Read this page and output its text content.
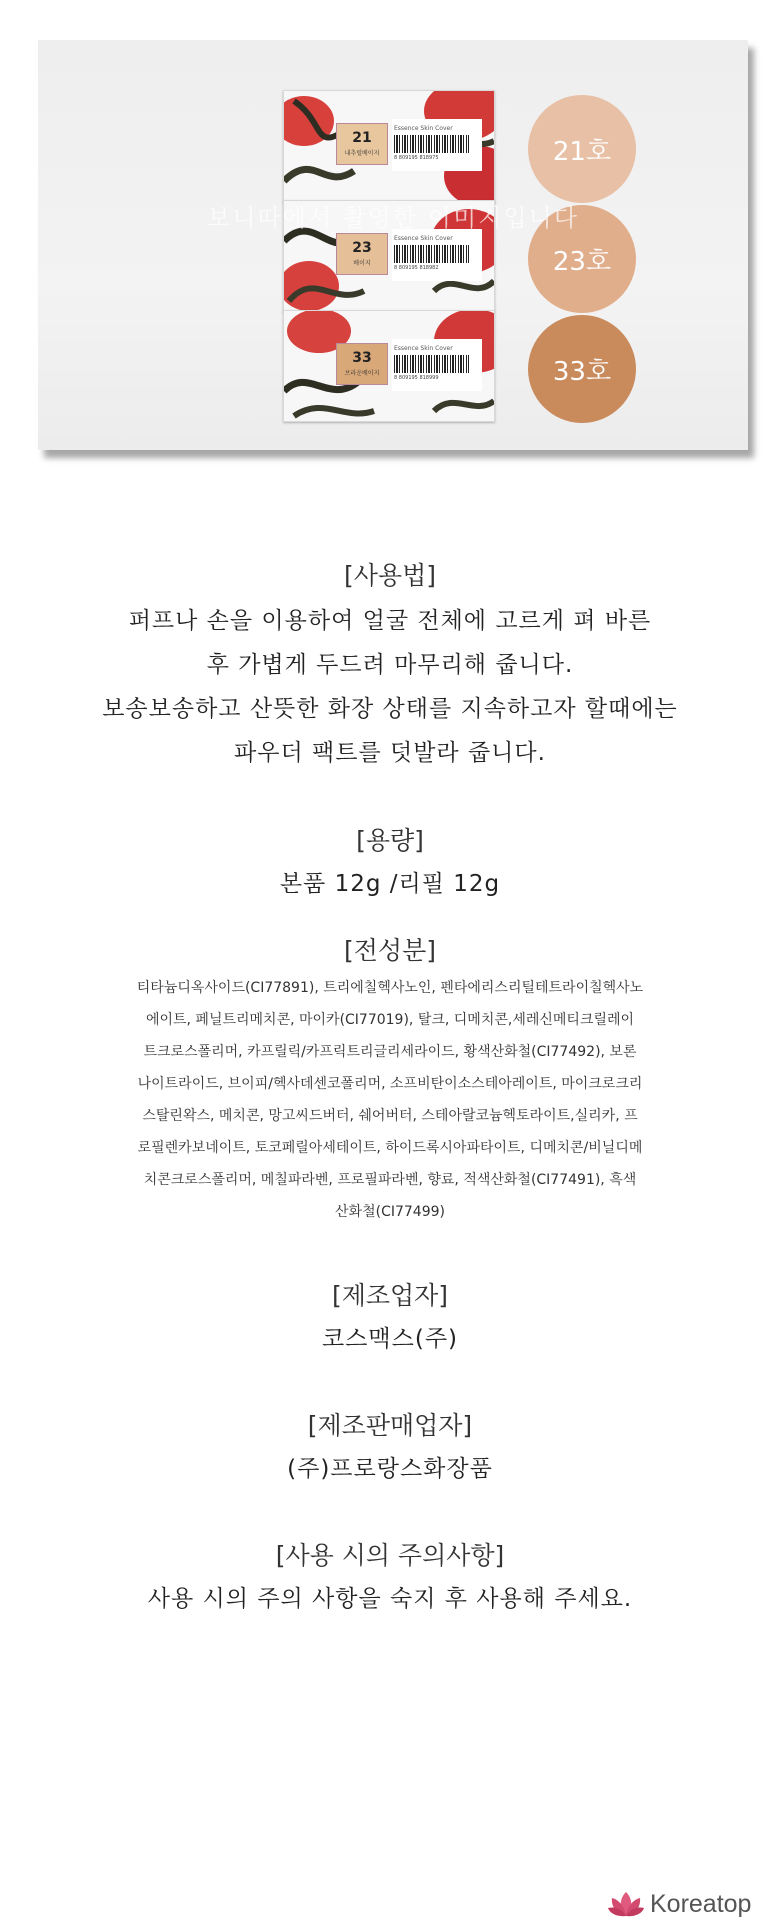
21
내추럴베이지
Essence Skin Cover
8 809195 818975
23
베이지
Essence Skin Cover
8 809195 818982
33
브라운베이지
Essence Skin Cover
8 809195 818999
21호
23호
33호
보니따에서 촬영한 이미지입니다

[사용법]

퍼프나 손을 이용하여 얼굴 전체에 고르게 펴 바른

후 가볍게 두드려 마무리해 줍니다.

보송보송하고 산뜻한 화장 상태를 지속하고자 할때에는

파우더 팩트를 덧발라 줍니다.

[용량]

본품 12g /리필 12g

[전성분]

티타늄디옥사이드(CI77891), 트리에칠헥사노인, 펜타에리스리틸테트라이칠헥사노

에이트, 페닐트리메치콘, 마이카(CI77019), 탈크, 디메치콘,세레신메티크릴레이

트크로스폴리머, 카프릴릭/카프릭트리글리세라이드, 황색산화철(CI77492), 보론

나이트라이드, 브이피/헥사데센코폴리머, 소프비탄이소스테아레이트, 마이크로크리

스탈린왁스, 메치콘, 망고씨드버터, 쉐어버터, 스테아랄코늄헥토라이트,실리카, 프

로필렌카보네이트, 토코페릴아세테이트, 하이드록시아파타이트, 디메치콘/비닐디메

치콘크로스폴리머, 메칠파라벤, 프로필파라벤, 향료, 적색산화철(CI77491), 흑색

산화철(CI77499)

[제조업자]

코스맥스(주)

[제조판매업자]

(주)프로랑스화장품

[사용 시의 주의사항]

사용 시의 주의 사항을 숙지 후 사용해 주세요.

Koreatop
